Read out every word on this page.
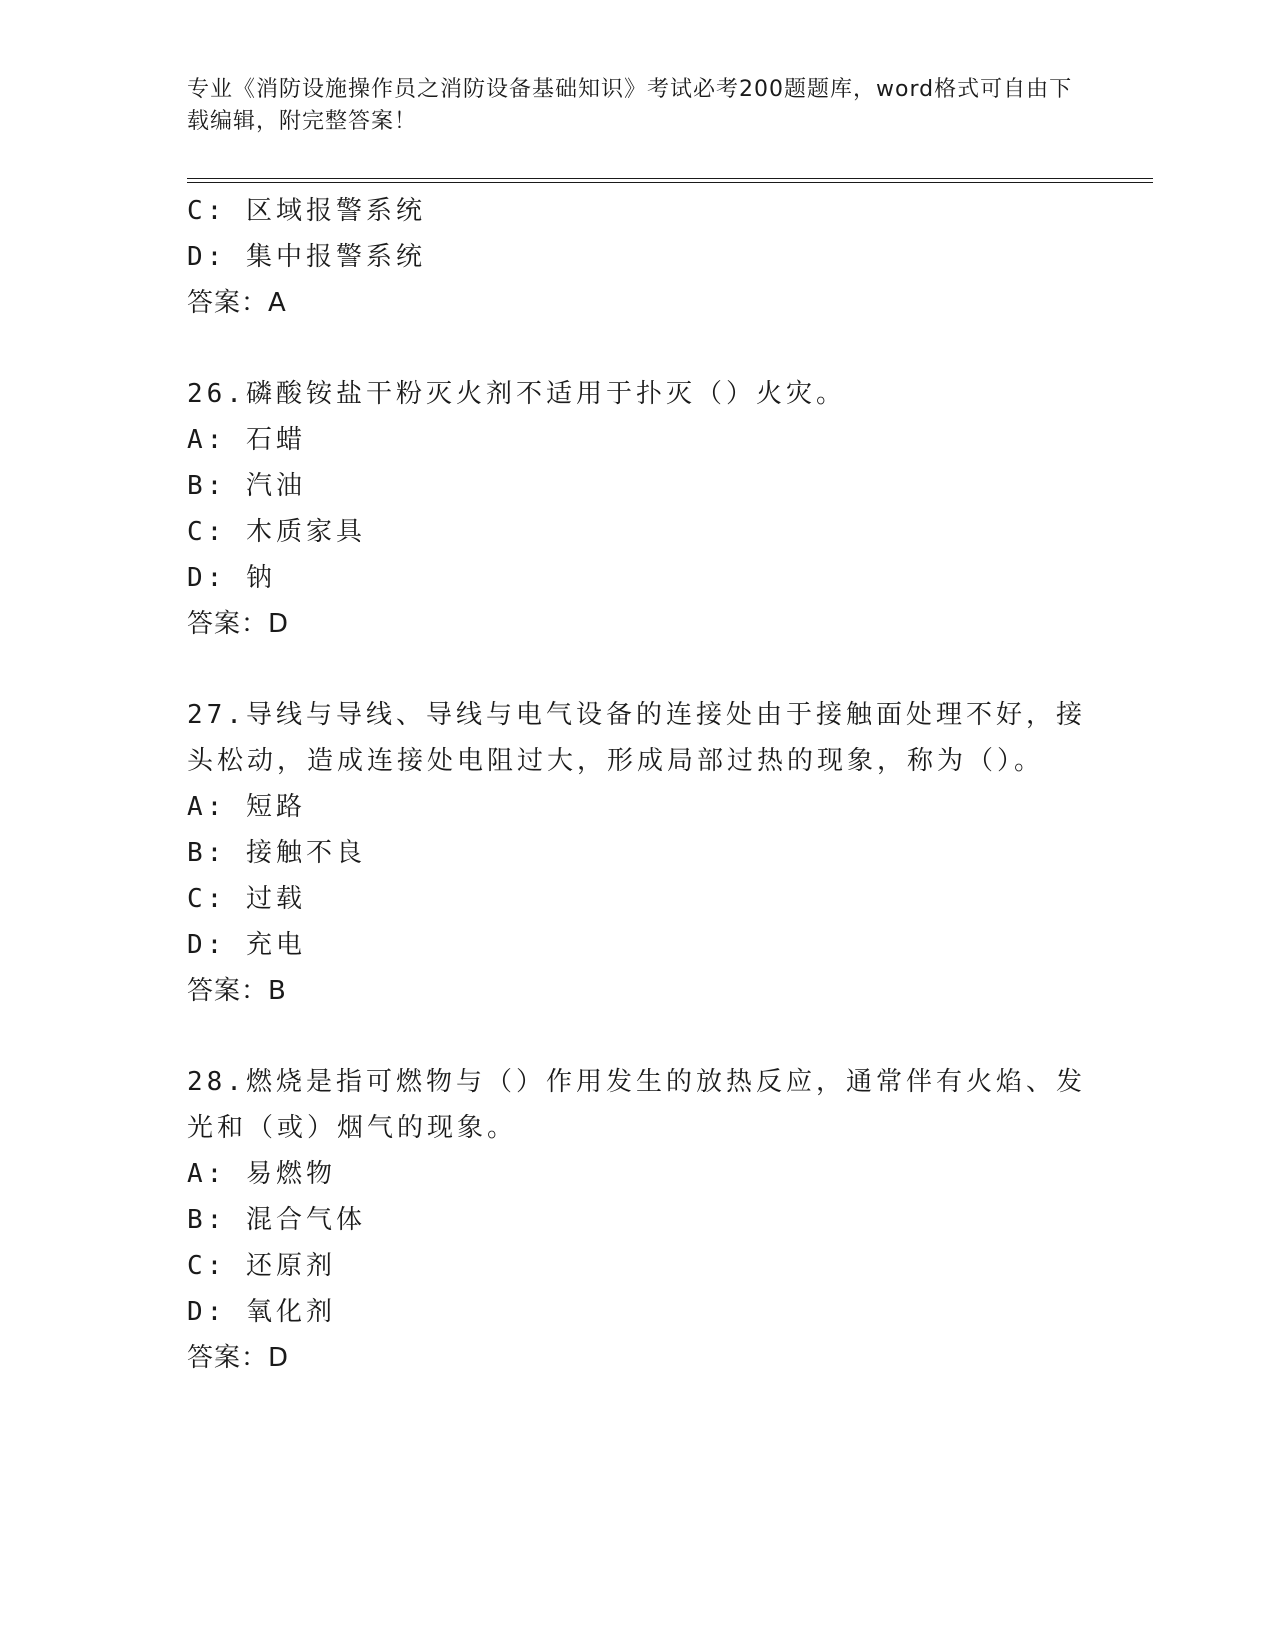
专业《消防设施操作员之消防设备基础知识》考试必考200题题库，word格式可自由下载编辑，附完整答案！
C: 区域报警系统
D: 集中报警系统
答案：A
26.磷酸铵盐干粉灭火剂不适用于扑灭（）火灾。
A: 石蜡
B: 汽油
C: 木质家具
D: 钠
答案：D
27.导线与导线、导线与电气设备的连接处由于接触面处理不好，接头松动，造成连接处电阻过大，形成局部过热的现象，称为（）。
A: 短路
B: 接触不良
C: 过载
D: 充电
答案：B
28.燃烧是指可燃物与（）作用发生的放热反应，通常伴有火焰、发光和（或）烟气的现象。
A: 易燃物
B: 混合气体
C: 还原剂
D: 氧化剂
答案：D
